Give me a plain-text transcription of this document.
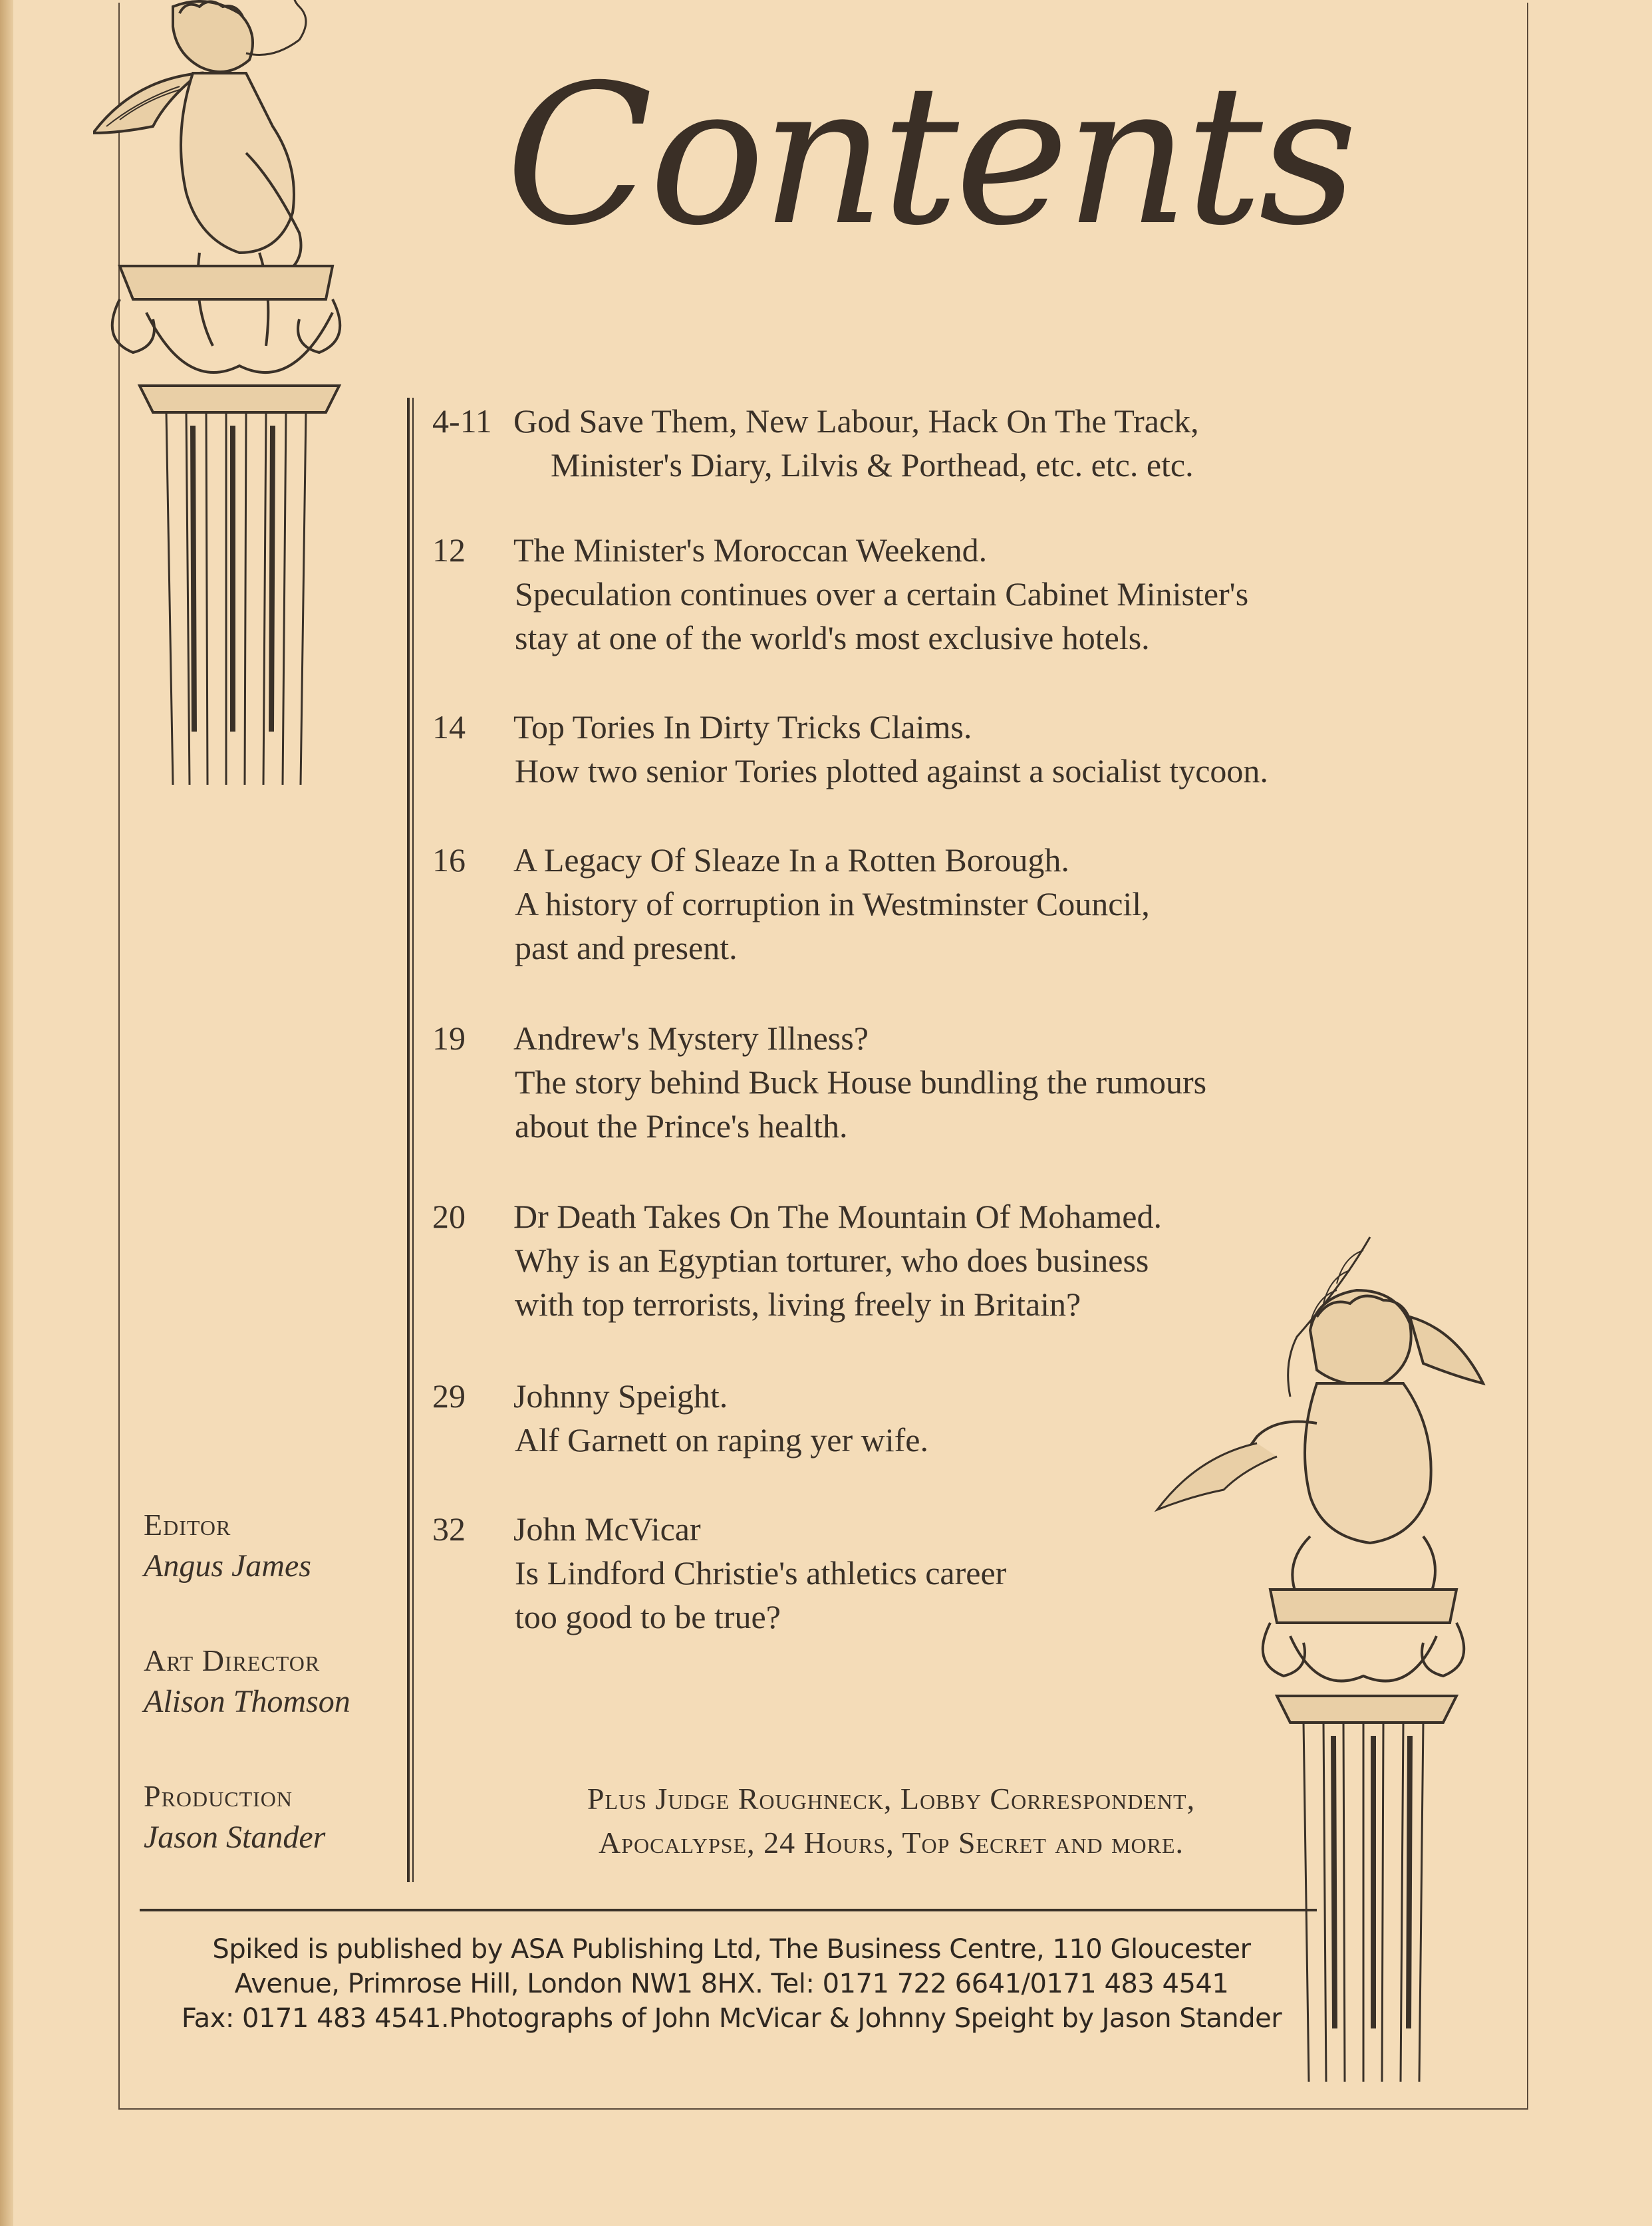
Contents
4-11 God Save Them, New Labour, Hack On The Track,
Minister's Diary, Lilvis & Porthead, etc. etc. etc.
12	The Minister's Moroccan Weekend.
Speculation continues over a certain Cabinet Minister's
stay at one of the world's most exclusive hotels.
14	Top Tories In Dirty Tricks Claims.
How two senior Tories plotted against a socialist tycoon.
16	A Legacy Of Sleaze In a Rotten Borough.
A history of corruption in Westminster Council,
past and present.
19	Andrew's Mystery Illness?
The story behind Buck House bundling the rumours
about the Prince's health.
20	Dr Death Takes On The Mountain Of Mohamed.
Why is an Egyptian torturer, who does business
with top terrorists, living freely in Britain?
29	Johnny Speight.
Alf Garnett on raping yer wife.
32	John McVicar
Is Lindford Christie's athletics career
too good to be true?
Editor
Angus James
Art Director
Alison Thomson
Production
Jason Stander
Plus Judge Roughneck, Lobby Correspondent,
Apocalypse, 24 Hours, Top Secret and more.
Spiked is published by ASA Publishing Ltd, The Business Centre, 110 Gloucester
Avenue, Primrose Hill, London NW1 8HX. Tel: 0171 722 6641/0171 483 4541
Fax: 0171 483 4541.Photographs of John McVicar & Johnny Speight by Jason Stander
